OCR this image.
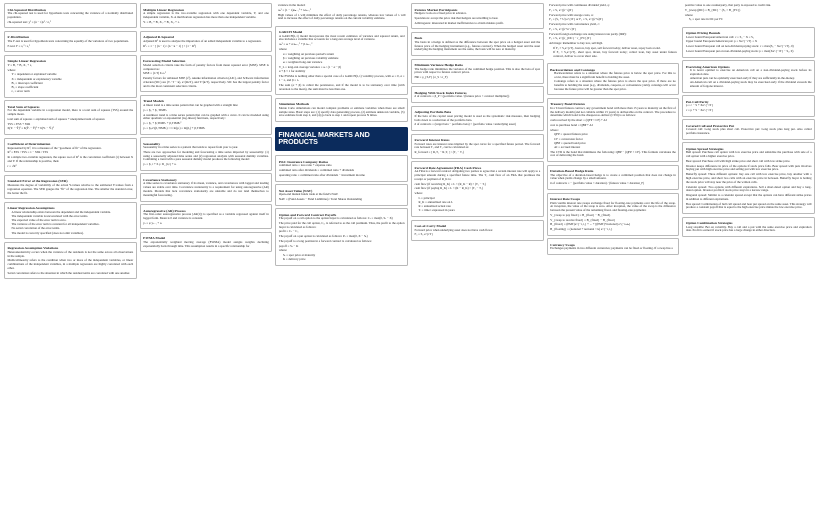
Chi-Squared Distribution

The chi-squared test is used for hypothesis tests concerning the variance of a normally distributed population.

chi-squared test: χ² = (n − 1)s² / σ₀²

F-Distribution

The F-test is used for hypothesis tests concerning the equality of the variances of two populations.

F-test: F = s₁² / s₂²

Simple Linear Regression

Y = B₁ + B₂ X₁ + ε₁

where:

• Y = dependent or explained variable
• X = independent or explanatory variable
• B₁ = intercept coefficient
• B₂ = slope coefficient
• ε₁ = error term
Total Sum of Squares

For the dependent variable in a regression model, there is a total sum of squares (TSS) around the sample mean.

total sum of squares = explained sum of squares + unexplained sum of squares

TSS = ESS + SSR

Σ(Yᵢ − Ȳ)² = Σ(Ŷᵢ − Ȳ)² + Σ(Yᵢ − Ŷᵢ)²

Coefficient of Determination

Represented by R², it is a measure of the "goodness of fit" of the regression.

R² = ESS / TSS = 1 − SSR / TSS

In a simple two-variable regression, the square root of R² is the correlation coefficient (r) between X and Y. If the relationship is positive, then:

r = √R²

Standard Error of the Regression (SER)

Measures the degree of variability of the actual Y-values relative to the estimated Y-values from a regression equation. The SER gauges the "fit" of the regression line. The smaller the standard error, the better the fit.

Linear Regression Assumptions
• A linear relationship exists between the dependent and the independent variable.
• The independent variable is uncorrelated with the error terms.
• The expected value of the error term is zero.
• The variance of the error term is constant for all independent variables.
• No serial correlation of the error terms.
• The model is correctly specified (does not omit variables).
Regression Assumption Violations

Heteroskedasticity occurs when the variance of the residuals is not the same across all observations in the sample.

Multicollinearity refers to the condition when two or more of the independent variables, or linear combinations of the independent variables, in a multiple regression are highly correlated with each other.

Serial correlation refers to the situation in which the residual terms are correlated with one another.

Multiple Linear Regression

A simple regression is the two-variable regression with one dependent variable, Y, and one independent variable, X. A multivariate regression has more than one independent variable.

Yᵢ = B₀ + B₁ X₁ᵢ + B₂ X₂ᵢ + εᵢ

Adjusted R-Squared

Adjusted R² is used to analyze the importance of an added independent variable to a regression.

R²ₐ = 1 − [ (n − 1) / (n − k − 1) ] × (1 − R²)

Forecasting Model Selection

Model selection criteria take the form of penalty factors from mean squared error (MSE). MSE is computed as:

MSE = (1/T) Σ eₜ²

Penalty factors for unbiased MSE (s²), Akaike information criterion (AIC), and Schwarz information criterion (SIC) are (T / T − k), e^(2k/T), and T^(k/T), respectively. SIC has the largest penalty factor and is the most consistent selection criteria.

Trend Models

A linear trend is a time series pattern that can be graphed with a straight line:

yₜ = β₀ + β₁ TIMEₜ

A nonlinear trend is a time series pattern that can be graphed with a curve. It can be modeled using either quadratic or exponential (log-linear) functions, respectively:

yₜ = β₀ + β₁TIMEₜ + β₂TIMEₜ²

yₜ = β₀e^(β₁TIMEₜ) ⟹ ln(yₜ) = ln(β₀) + β₁TIMEₜ

Seasonality

Seasonality in a time series is a pattern that tends to repeat from year to year.

There are two approaches for modeling and forecasting a time series impacted by seasonality: (1) using a seasonally adjusted time series and (2) regression analysis with seasonal dummy variables. Combining a trend with a pure seasonal dummy model produces the following model:

yₜ = β₁ t + Σ γᵢ D_{i,t} + εₜ

Covariance Stationary

A time series is covariance stationary if its mean, variance, and covariances with lagged and leading values are stable over time. Covariance stationarity is a requirement for using autoregressive (AR) models. Models that lack covariance stationarity are unstable and do not lend themselves to meaningful forecasting.

Autoregressive (AR) Process

The first-order autoregressive process [AR(1)] is specified as a variable regressed against itself in lagged form. Mean is 0 and variance is constant.

yₜ = φ yₜ₋₁ + εₜ

EWMA Model

The exponentially weighted moving average (EWMA) model assigns weights declining exponentially back through time. This assumption results in a specific relationship for

variance in the model:

σₙ² = (1 − λ)uₙ₋₁² + λσₙ₋₁²

High values of λ will minimize the effect of daily percentage returns, whereas low values of λ will tend to increase the effect of daily percentage returns on the current volatility estimate.

GARCH Model

A GARCH(1,1) model incorporates the most recent estimates of variance and squared return, and also includes a variable that accounts for a long-run average level of variance.

σₙ² = ω + α uₙ₋₁² + β σₙ₋₁²

where:

• α = weighting on previous period's return
• β = weighting on previous volatility estimate
• ω = weighted long-run variance

V_L = long-run average variance = ω / (1 − α − β)

α + β < 1 for stability

The EWMA is nothing other than a special case of a GARCH(1,1) volatility process, with ω = 0, α = 1 − λ, and β = λ.

The sum (α + β) is called the persistence, and if the model is to be stationary over time (with reversion to the mean), the sum must be less than one.

Simulation Methods

Monte Carlo simulations can model complex problems or estimate variables when there are small sample sizes. Basic steps are: (1) specify data generating process, (2) estimate unknown variable, (3) save estimate from step 2, and (4) go back to step 1 and repeat process N times.

FINANCIAL MARKETS AND PRODUCTS
P&C Insurance Company Ratios

combined ratio = loss ratio + expense ratio

combined ratio after dividends = combined ratio + dividends

operating ratio = combined ratio after dividends − investment income

Net Asset Value (NAV)

Open-end mutual funds trade at the fund's NAV.

NAV = (Fund Assets − Fund Liabilities) / Total Shares Outstanding

Option and Forward Contract Payoffs

The payoff on a call option to the option buyer is calculated as follows: Cₜ = max(0, Sₜ − X)

The price paid for the call option, C₀, is referred to as the call premium. Thus, the profit to the option buyer is calculated as follows:

profit = Cₜ − C₀

The payoff on a put option is calculated as follows: Pₜ = max(0, X − Sₜ)

The payoff to a long position in a forward contract is calculated as follows:

payoff = Sₜ − K

where:

• Sₜ = spot price at maturity
• K = delivery price
Futures Market Participants

Hedgers: lock on a fixed price in advance.

Speculators: accept the price risk that hedgers are unwilling to bear.

Arbitrageurs: interested in market inefficiencies to obtain riskless profit.

Basis

The basis in a hedge is defined as the difference between the spot price on a hedged asset and the futures price of the hedging instrument (e.g., futures contract). When the hedged asset and the asset underlying the hedging instrument are the same, the basis will be zero at maturity.

Minimum Variance Hedge Ratio

The hedge ratio minimizes the variance of the combined hedge position. This is also the beta of spot prices with respect to futures contract prices.

HR = ρ_{S,F} (σ_S / σ_F)

Hedging With Stock Index Futures

# of contracts = β_P × (portfolio value / (futures price × contract multiplier))

Adjusting Portfolio Beta

If the beta of the capital asset pricing model is used as the systematic risk measure, then hedging boils down to a reduction of the portfolio beta.

# of contracts = (target beta − portfolio beta) × (portfolio value / underlying asset)

Forward Interest Rates

Forward rates are interest rates implied by the spot curve for a specified future period. The forward rate between T₁ and T₂ can be calculated as:

R_forward = [ R₂T₂ − R₁T₁ ] / (T₂ − T₁)

Forward Rate Agreement (FRA) Cash Flows

An FRA is a forward contract obligating two parties to agree that a certain interest rate will apply to a principal amount during a specified future time. The T₂ cash flow of an FRA that promises the receipt or payment of R_K is:

cash flow (if receiving R_K) = L × (R_K − R) × (T₂ − T₁)

cash flow (if paying R_K) = L × (R − R_K) × (T₂ − T₁)

where:

• L = principal
• R_K = annualized rate on L
• R = annualized actual rate
• Tᵢ = time i expressed in years
Cost-of-Carry Model

Forward price when underlying asset does not have cash flows:

F₀ = S₀ e^{rT}

Forward price with continuous dividend yield, q:

F₀ = S₀ e^{(r−q)T}

Forward price with storage costs, u:

F₀ = (S₀ + U) e^{rT} or F₀ = S₀ e^{(r+u)T}

Forward price with convenience yield, c:

F₀ = S₀ e^{(r+u−c)T}

Forward foreign exchange rate using interest rate parity (IRP):

F₀ = S₀ e^{(r_{DC} − r_{FC})T}

Arbitrage: Remember to buy low, sell high.

• If F₀ > S₀e^{rT}, borrow, buy spot, sell forward today; deliver asset, repay loan at end.
• If F₀ < S₀e^{rT}, short spot, invest, buy forward today; collect loan, buy asset under futures contract, deliver to cover short sale.
Backwardation and Contango
• Backwardation refers to a situation where the futures price is below the spot price. For this to occur, there must be a significant benefit to holding the asset.
• Contango refers to a situation where the futures price is above the spot price. If there are no benefits to holding the asset (e.g., dividends, coupons, or convenience yield), contango will occur because the future price will be greater than the spot price.
Treasury Bond Futures

In a T-bond futures contract, any government bond with more than 15 years to maturity on the first of the delivery month (and not callable within 15 years) is deliverable on the contract. The procedure to determine which bond is the cheapest-to-deliver (CTD) is as follows:

cash received by the short = (QFP × CF) + AI

cost to purchase bond = QBP + AI

where:

• QFP = quoted futures price
• CF = conversion factor
• QBP = quoted bond price
• AI = accrued interest

The CTD is the bond that minimizes the following: QBP − (QFP × CF). This formula calculates the cost of delivering the bond.

Duration-Based Hedge Ratio

The objective of a duration-based hedge is to create a combined position that does not change in value when yields change by a small amount.

# of contracts = − (portfolio value × duration) / (futures value × duration_F)

Interest Rate Swaps

Plain vanilla interest rate swaps exchange fixed for floating-rate payments over the life of the swap. At inception, the value of the swap is zero. After inception, the value of the swap is the difference between the present value of the remaining fixed- and floating-rate payments:

V_{swap to pay fixed} = B_{float} − B_{fixed}

V_{swap to receive fixed} = B_{fixed} − B_{float}

B_{fixed} = (PMT)e^{−r₁t₁} + ... + [(PMT)+notional] e^{−rₙtₙ}

B_{floating} = (notional + notional × k) e^{−r₁t₁}

Currency Swaps

Exchanges payments in two different currencies; payments can be fixed or floating. If a swap has a

positive value to one counterparty, that party is exposed to credit risk.

V_{swap}(DC) = B_{DC} − (S₀ × B_{FC})

where:

• S₀ = spot rate in DC per FC
Option Pricing Bounds

Lower bound European/American call: c ≥ S₀ − X ≤ S₀

Upper bound European/American put: p ≤ Xe^{−rT} ≤ X

Lower bound European call on non-dividend-paying stock: c ≥ max(S₀ − Xe^{−rT}, 0)

Lower bound European put on non-dividend-paying stock: p ≥ max(Xe^{−rT} − S₀, 0)

Exercising American Options
• It is never optimal to exercise an American call on a non-dividend-paying stock before its expiration date.
• American puts can be optimally exercised early if they are sufficiently in-the-money.
• An American call on a dividend-paying stock may be exercised early if the dividend exceeds the amount of forgone interest.
Put-Call Parity

p = c − S + Xe^{−rT}

c = p + S − Xe^{−rT}

Covered Call and Protective Put

Covered call: Long stock plus short call. Protective put: Long stock plus long put. Also called portfolio insurance.

Option Spread Strategies

Bull spread: Purchase call option with low exercise price and subsidize the purchase with sale of a call option with a higher exercise price.

Bear spread: Purchase call with high strike price and short call with low strike price.

Investor keeps difference in price of the options if stock price falls. Bear spread with puts involves buying put with high exercise price and selling put with low exercise price.

Butterfly spread: Three different options: buy one call with low exercise price, buy another with a high exercise price, and short two calls with an exercise price in between. Butterfly buyer is betting the stock price will stay near the price of the written calls.

Calendar spread: Two options with different expirations. Sell a short-dated option and buy a long-dated option. Investor profits if stock price stays in a narrow range.

Diagonal spread: Similar to a calendar spread except that the options can have different strike prices in addition to different expirations.

Box spread: Combination of bull call spread and bear put spread on the same asset. This strategy will produce a constant payoff that is equal to the high exercise price minus the low exercise price.

Option Combination Strategies

Long straddle: Bet on volatility. Buy a call and a put with the same exercise price and expiration date. Profit is earned if stock price has a large change in either direction.
